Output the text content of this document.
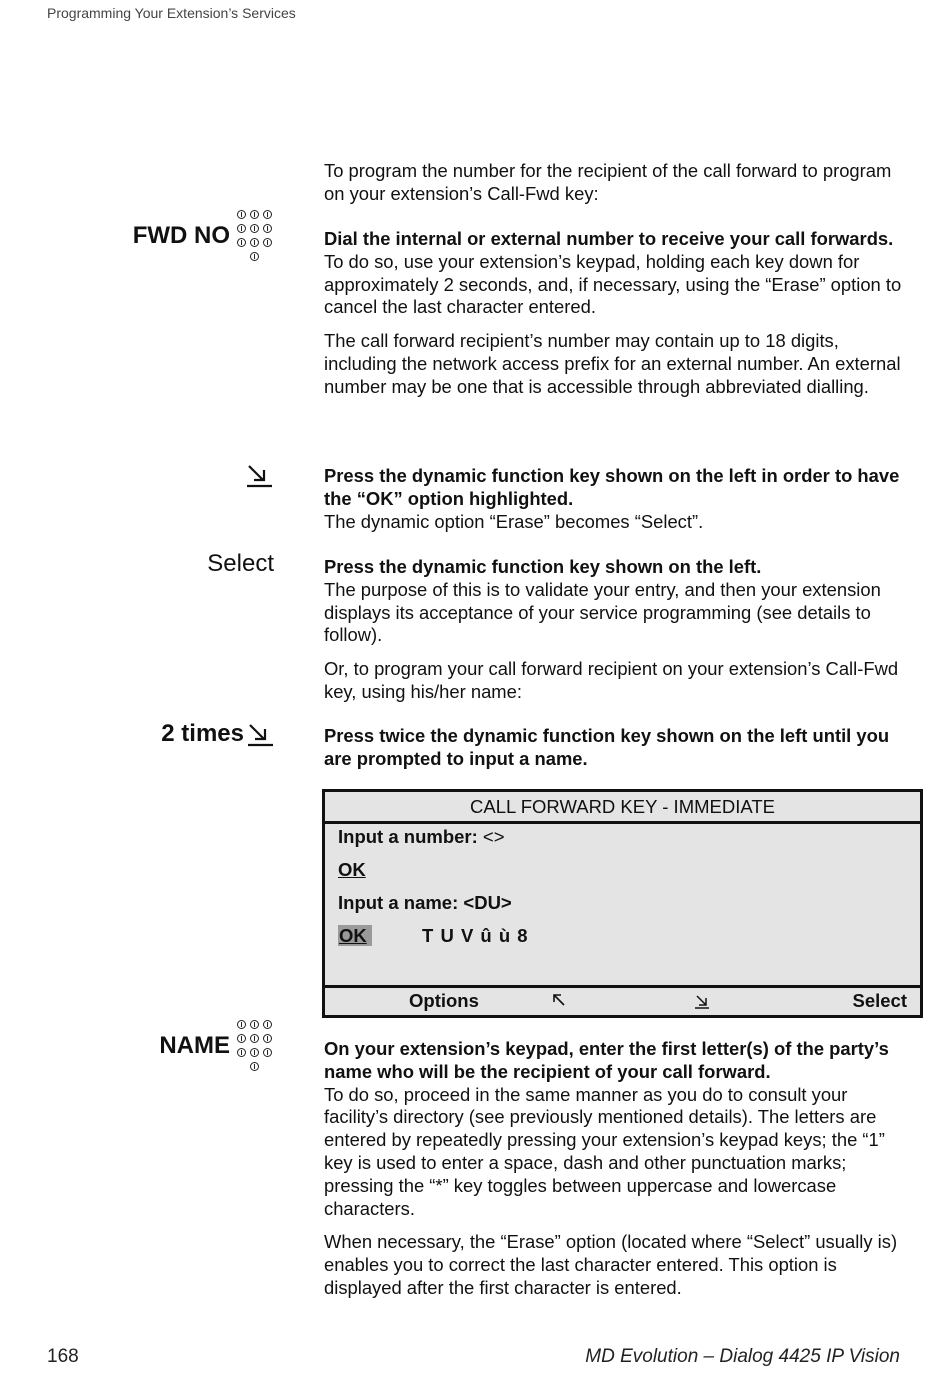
Programming Your Extension’s Services
FWD NO
Select
2 times
NAME

To program the number for the recipient of the call forward to program on your extension’s Call-Fwd key:

Dial the internal or external number to receive your call forwards.

To do so, use your extension’s keypad, holding each key down for approximately 2 seconds, and, if necessary, using the “Erase” option to cancel the last character entered.

The call forward recipient’s number may contain up to 18 digits, including the network access prefix for an external number. An external number may be one that is accessible through abbreviated dialling.

Press the dynamic function key shown on the left in order to have the “OK” option highlighted.

The dynamic option “Erase” becomes “Select”.

Press the dynamic function key shown on the left.

The purpose of this is to validate your entry, and then your extension displays its acceptance of your service programming (see details to follow).

Or, to program your call forward recipient on your extension’s Call-Fwd key, using his/her name:

Press twice the dynamic function key shown on the left until you are prompted to input a name.

CALL FORWARD KEY - IMMEDIATE
Input a number: <>
OK
Input a name: <DU>
OK	T U V û ù 8
Options	Select

On your extension’s keypad, enter the first letter(s) of the party’s name who will be the recipient of your call forward.

To do so, proceed in the same manner as you do to consult your facility’s directory (see previously mentioned details). The letters are entered by repeatedly pressing your extension’s keypad keys; the “1” key is used to enter a space, dash and other punctuation marks; pressing the “*” key toggles between uppercase and lowercase characters.

When necessary, the “Erase” option (located where “Select” usually is) enables you to correct the last character entered. This option is displayed after the first character is entered.

168	MD Evolution – Dialog 4425 IP Vision
